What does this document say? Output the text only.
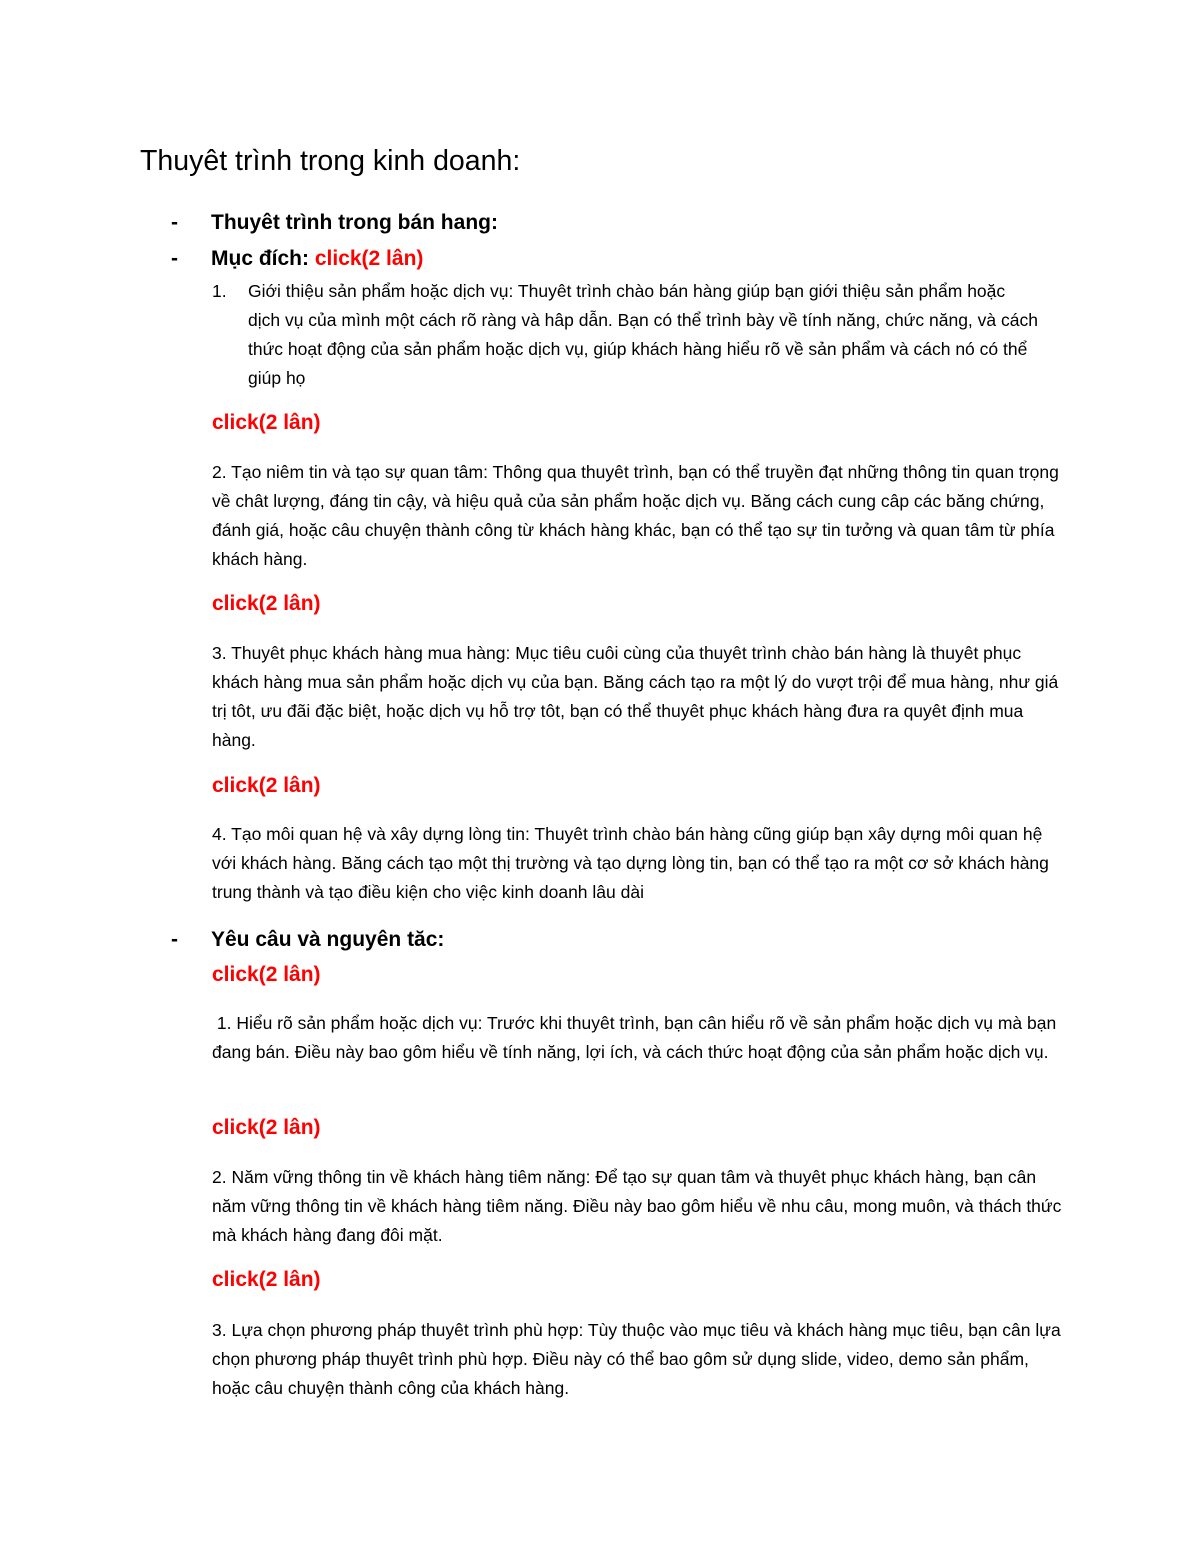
Thuyêt trình trong kinh doanh:
- Thuyêt trình trong bán hang:
- Mục đích: click(2 lân)
1. Giới thiệu sản phẩm hoặc dịch vụ: Thuyêt trình chào bán hàng giúp bạn giới thiệu sản phẩm hoặc dịch vụ của mình một cách rõ ràng và hâp dẫn. Bạn có thể trình bày về tính năng, chức năng, và cách thức hoạt động của sản phẩm hoặc dịch vụ, giúp khách hàng hiểu rõ về sản phẩm và cách nó có thể giúp họ
click(2 lân)
2. Tạo niêm tin và tạo sự quan tâm: Thông qua thuyêt trình, bạn có thể truyền đạt những thông tin quan trọng về chât lượng, đáng tin cậy, và hiệu quả của sản phẩm hoặc dịch vụ. Băng cách cung câp các băng chứng, đánh giá, hoặc câu chuyện thành công từ khách hàng khác, bạn có thể tạo sự tin tưởng và quan tâm từ phía khách hàng.
click(2 lân)
3. Thuyêt phục khách hàng mua hàng: Mục tiêu cuôi cùng của thuyêt trình chào bán hàng là thuyêt phục khách hàng mua sản phẩm hoặc dịch vụ của bạn. Băng cách tạo ra một lý do vượt trội để mua hàng, như giá trị tôt, ưu đãi đặc biệt, hoặc dịch vụ hỗ trợ tôt, bạn có thể thuyêt phục khách hàng đưa ra quyêt định mua hàng.
click(2 lân)
4. Tạo môi quan hệ và xây dựng lòng tin: Thuyêt trình chào bán hàng cũng giúp bạn xây dựng môi quan hệ với khách hàng. Băng cách tạo một thị trường và tạo dựng lòng tin, bạn có thể tạo ra một cơ sở khách hàng trung thành và tạo điều kiện cho việc kinh doanh lâu dài
- Yêu câu và nguyên tăc:
click(2 lân)
1. Hiểu rõ sản phẩm hoặc dịch vụ: Trước khi thuyêt trình, bạn cân hiểu rõ về sản phẩm hoặc dịch vụ mà bạn đang bán. Điều này bao gôm hiểu về tính năng, lợi ích, và cách thức hoạt động của sản phẩm hoặc dịch vụ.
click(2 lân)
2. Năm vững thông tin về khách hàng tiêm năng: Để tạo sự quan tâm và thuyêt phục khách hàng, bạn cân năm vững thông tin về khách hàng tiêm năng. Điều này bao gôm hiểu về nhu câu, mong muôn, và thách thức mà khách hàng đang đôi mặt.
click(2 lân)
3. Lựa chọn phương pháp thuyêt trình phù hợp: Tùy thuộc vào mục tiêu và khách hàng mục tiêu, bạn cân lựa chọn phương pháp thuyêt trình phù hợp. Điều này có thể bao gôm sử dụng slide, video, demo sản phẩm, hoặc câu chuyện thành công của khách hàng.
